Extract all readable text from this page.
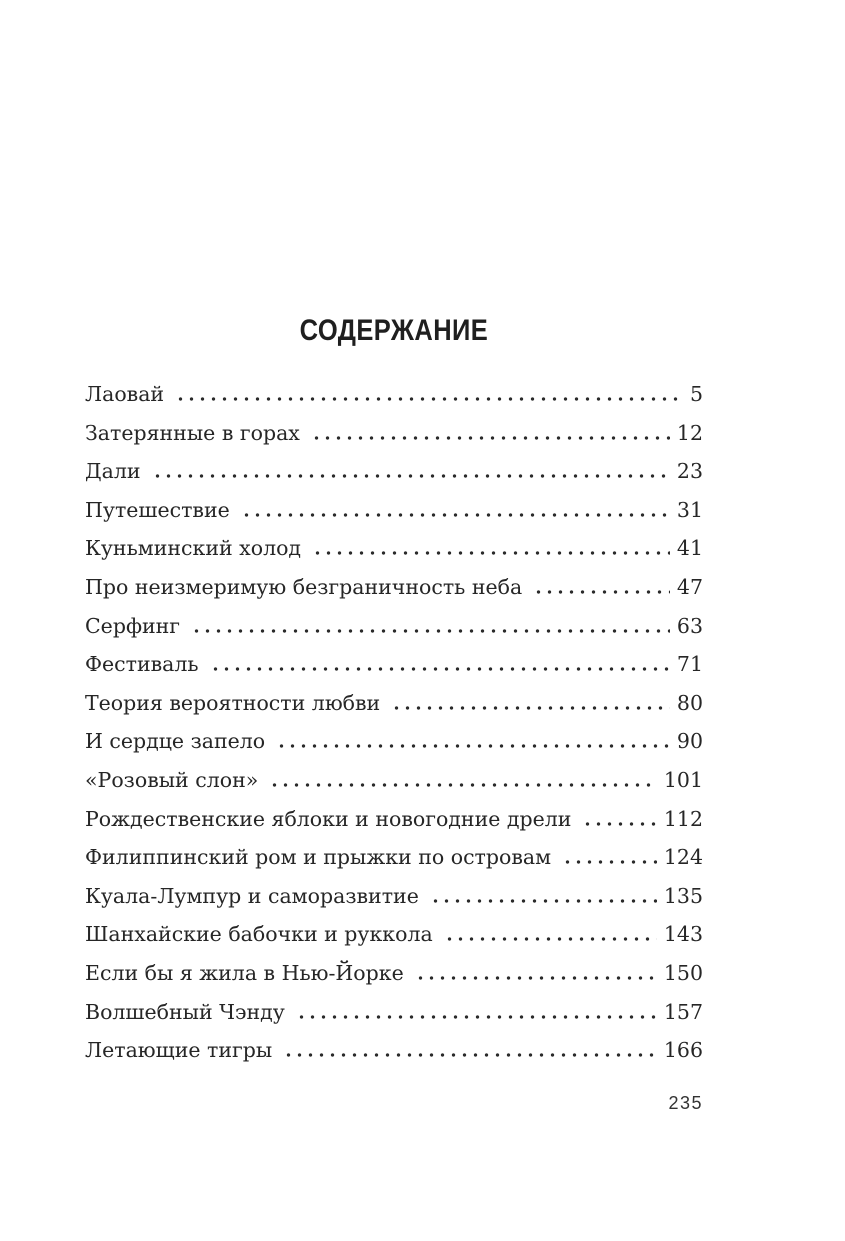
СОДЕРЖАНИЕ
Лаовай	5
Затерянные в горах	12
Дали	23
Путешествие	31
Куньминский холод	41
Про неизмеримую безграничность неба	47
Серфинг	63
Фестиваль	71
Теория вероятности любви	80
И сердце запело	90
«Розовый слон»	101
Рождественские яблоки и новогодние дрели	112
Филиппинский ром и прыжки по островам	124
Куала-Лумпур и саморазвитие	135
Шанхайские бабочки и руккола	143
Если бы я жила в Нью-Йорке	150
Волшебный Чэнду	157
Летающие тигры	166
235
